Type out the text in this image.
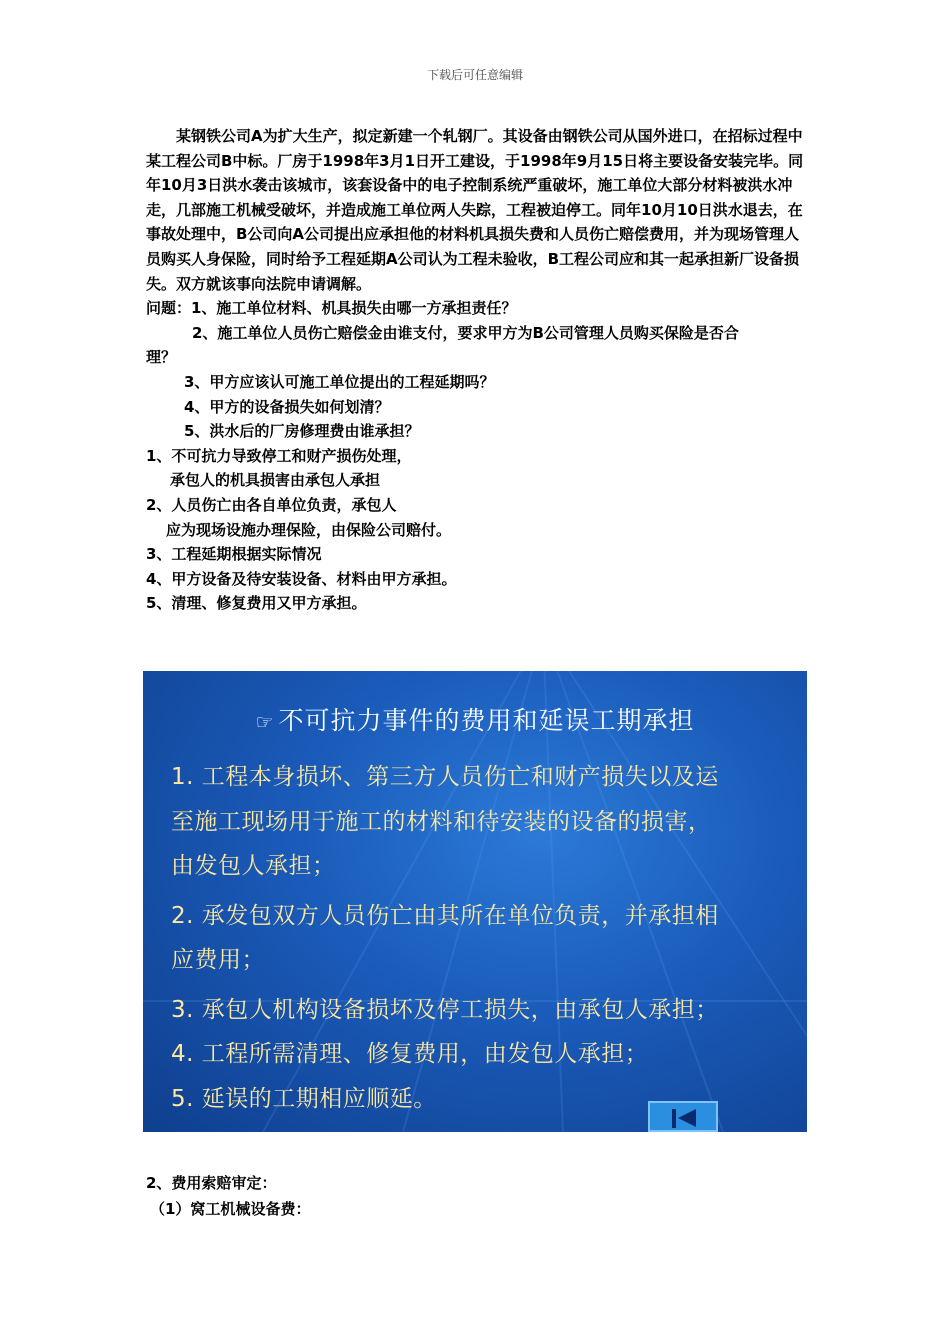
下载后可任意编辑

某钢铁公司A为扩大生产，拟定新建一个轧钢厂。其设备由钢铁公司从国外进口，在招标过程中某工程公司B中标。厂房于1998年3月1日开工建设，于1998年9月15日将主要设备安装完毕。同年10月3日洪水袭击该城市，该套设备中的电子控制系统严重破坏，施工单位大部分材料被洪水冲走，几部施工机械受破坏，并造成施工单位两人失踪，工程被迫停工。同年10月10日洪水退去，在事故处理中，B公司向A公司提出应承担他的材料机具损失费和人员伤亡赔偿费用，并为现场管理人员购买人身保险，同时给予工程延期A公司认为工程未验收，B工程公司应和其一起承担新厂设备损失。双方就该事向法院申请调解。

问题：1、施工单位材料、机具损失由哪一方承担责任？

2、施工单位人员伤亡赔偿金由谁支付，要求甲方为B公司管理人员购买保险是否合

理？

3、甲方应该认可施工单位提出的工程延期吗？

4、甲方的设备损失如何划清？

5、洪水后的厂房修理费由谁承担？

1、不可抗力导致停工和财产损伤处理，

承包人的机具损害由承包人承担

2、人员伤亡由各自单位负责，承包人

应为现场设施办理保险，由保险公司赔付。

3、工程延期根据实际情况

4、甲方设备及待安装设备、材料由甲方承担。

5、清理、修复费用又甲方承担。

☞ 不可抗力事件的费用和延误工期承担

1. 工程本身损坏、第三方人员伤亡和财产损失以及运

至施工现场用于施工的材料和待安装的设备的损害，

由发包人承担；

2. 承发包双方人员伤亡由其所在单位负责，并承担相

应费用；

3. 承包人机构设备损坏及停工损失，由承包人承担；

4. 工程所需清理、修复费用，由发包人承担；

5. 延误的工期相应顺延。

2、费用索赔审定：

（1）窝工机械设备费：
